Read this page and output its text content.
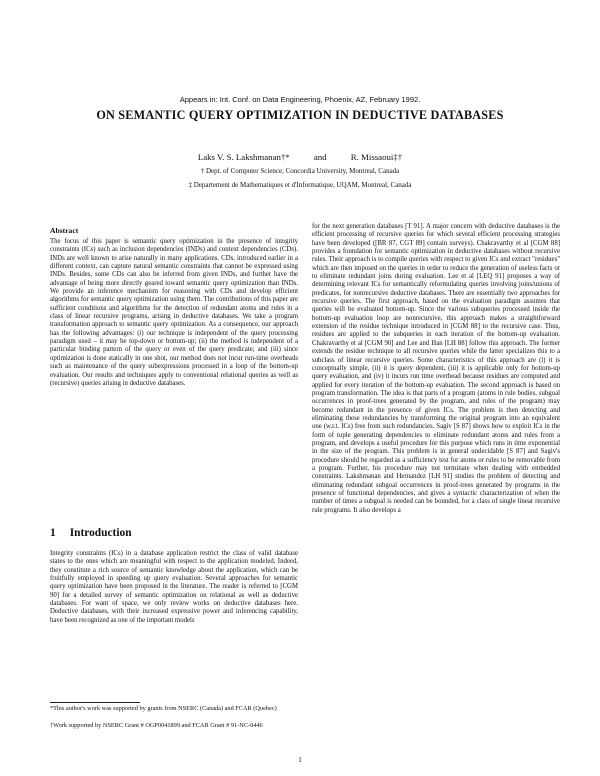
Appears in: Int. Conf. on Data Engineering, Phoenix, AZ, February 1992.
ON SEMANTIC QUERY OPTIMIZATION IN DEDUCTIVE DATABASES
Laks V. S. Lakshmanan†*	and	R. Missaoui‡†
† Dept. of Computer Science, Concordia University, Montreal, Canada
‡ Departement de Mathematiques et d'Informatique, UQAM, Montreal, Canada
Abstract

The focus of this paper is semantic query optimization in the presence of integrity constraints (ICs) such as inclusion dependencies (INDs) and context dependencies (CDs). INDs are well known to arise naturally in many applications. CDs, introduced earlier in a different context, can capture natural semantic constraints that cannot be expressed using INDs. Besides, some CDs can also be inferred from given INDs, and further have the advantage of being more directly geared toward semantic query optimization than INDs. We provide an inference mechanism for reasoning with CDs and develop efficient algorithms for semantic query optimization using them. The contributions of this paper are sufficient conditions and algorithms for the detection of redundant atoms and rules in a class of linear recursive programs, arising in deductive databases. We take a program transformation approach to semantic query optimization. As a consequence, our approach has the following advantages: (i) our technique is independent of the query processing paradigm used – it may be top-down or bottom-up; (ii) the method is independent of a particular binding pattern of the query or even of the query predicate; and (iii) since optimization is done statically in one shot, our method does not incur run-time overheads such as maintenance of the query subexpressions processed in a loop of the bottom-up evaluation. Our results and techniques apply to conventional relational queries as well as (recursive) queries arising in deductive databases.

1 Introduction

Integrity constraints (ICs) in a database application restrict the class of valid database states to the ones which are meaningful with respect to the application modeled. Indeed, they constitute a rich source of semantic knowledge about the application, which can be fruitfully employed in speeding up query evaluation. Several approaches for semantic query optimization have been proposed in the literature. The reader is referred to [CGM 90] for a detailed survey of semantic optimization on relational as well as deductive databases. For want of space, we only review works on deductive databases here. Deductive databases, with their increased expressive power and inferencing capability, have been recognized as one of the important models

*This author's work was supported by grants from NSERC (Canada) and FCAR (Quebec)
†Work supported by NSERC Grant # OGP0041899 and FCAR Grant # 91-NC-0446

for the next generation databases [T 91]. A major concern with deductive databases is the efficient processing of recursive queries for which several efficient processing strategies have been developed ([BR 87, CGT 89] contain surveys). Chakravarthy et al [CGM 88] provides a foundation for semantic optimization in deductive databases without recursive rules. Their approach is to compile queries with respect to given ICs and extract "residues" which are then imposed on the queries in order to reduce the generation of useless facts or to eliminate redundant joins during evaluation. Lee et al [LEQ 91] proposes a way of determining relevant ICs for semantically reformulating queries involving joins/unions of predicates, for nonrecursive deductive databases. There are essentially two approaches for recursive queries. The first approach, based on the evaluation paradigm assumes that queries will be evaluated bottom-up. Since the various subqueries processed inside the bottom-up evaluation loop are nonrecursive, this approach makes a straightforward extension of the residue technique introduced in [CGM 88] to the recursive case. Thus, residues are applied to the subqueries in each iteration of the bottom-up evaluation. Chakravarthy et al [CGM 90] and Lee and Han [LH 88] follow this approach. The former extends the residue technique to all recursive queries while the latter specializes this to a subclass of linear recursive queries. Some characteristics of this approach are (i) it is conceptually simple, (ii) it is query dependent, (iii) it is applicable only for bottom-up query evaluation, and (iv) it incurs run time overhead because residues are computed and applied for every iteration of the bottom-up evaluation. The second approach is based on program transformation. The idea is that parts of a program (atoms in rule bodies, subgoal occurrences in proof-trees generated by the program, and rules of the program) may become redundant in the presence of given ICs. The problem is then detecting and eliminating these redundancies by transforming the original program into an equivalent one (w.r.t. ICs) free from such redundancies. Sagiv [S 87] shows how to exploit ICs in the form of tuple generating dependencies to eliminate redundant atoms and rules from a program, and develops a useful procedure for this purpose which runs in time exponential in the size of the program. This problem is in general undecidable [S 87] and Sagiv's procedure should be regarded as a sufficiency test for atoms or rules to be removable from a program. Further, his procedure may not terminate when dealing with embedded constraints. Lakshmanan and Hernandez [LH 91] studies the problem of detecting and eliminating redundant subgoal occurrences in proof-trees generated by programs in the presence of functional dependencies, and gives a syntactic characterization of when the number of times a subgoal is needed can be bounded, for a class of single linear recursive rule programs. It also develops a

1
